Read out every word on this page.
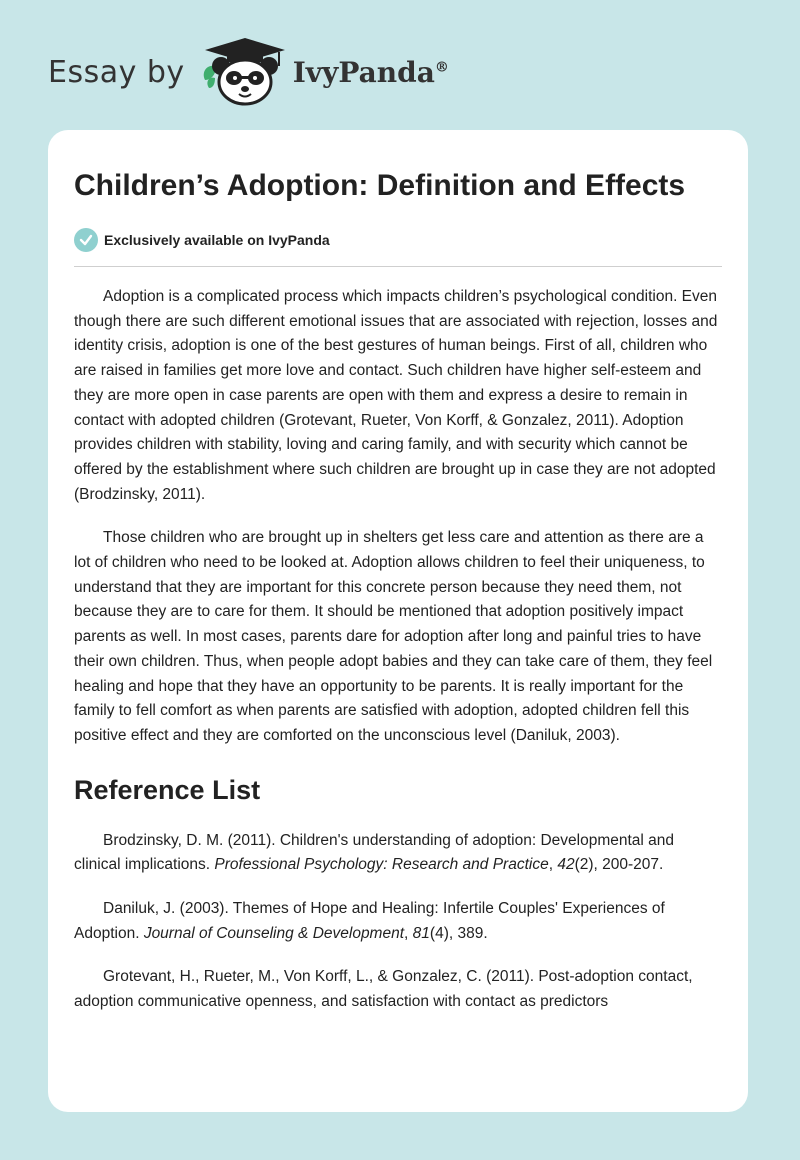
Essay by	IvyPanda®
Children’s Adoption: Definition and Effects
Exclusively available on IvyPanda

Adoption is a complicated process which impacts children’s psychological condition. Even though there are such different emotional issues that are associated with rejection, losses and identity crisis, adoption is one of the best gestures of human beings. First of all, children who are raised in families get more love and contact. Such children have higher self-esteem and they are more open in case parents are open with them and express a desire to remain in contact with adopted children (Grotevant, Rueter, Von Korff, & Gonzalez, 2011). Adoption provides children with stability, loving and caring family, and with security which cannot be offered by the establishment where such children are brought up in case they are not adopted (Brodzinsky, 2011).

Those children who are brought up in shelters get less care and attention as there are a lot of children who need to be looked at. Adoption allows children to feel their uniqueness, to understand that they are important for this concrete person because they need them, not because they are to care for them. It should be mentioned that adoption positively impact parents as well. In most cases, parents dare for adoption after long and painful tries to have their own children. Thus, when people adopt babies and they can take care of them, they feel healing and hope that they have an opportunity to be parents. It is really important for the family to fell comfort as when parents are satisfied with adoption, adopted children fell this positive effect and they are comforted on the unconscious level (Daniluk, 2003).

Reference List

Brodzinsky, D. M. (2011). Children's understanding of adoption: Developmental and clinical implications. Professional Psychology: Research and Practice, 42(2), 200-207.

Daniluk, J. (2003). Themes of Hope and Healing: Infertile Couples' Experiences of Adoption. Journal of Counseling & Development, 81(4), 389.

Grotevant, H., Rueter, M., Von Korff, L., & Gonzalez, C. (2011). Post-adoption contact, adoption communicative openness, and satisfaction with contact as predictors
